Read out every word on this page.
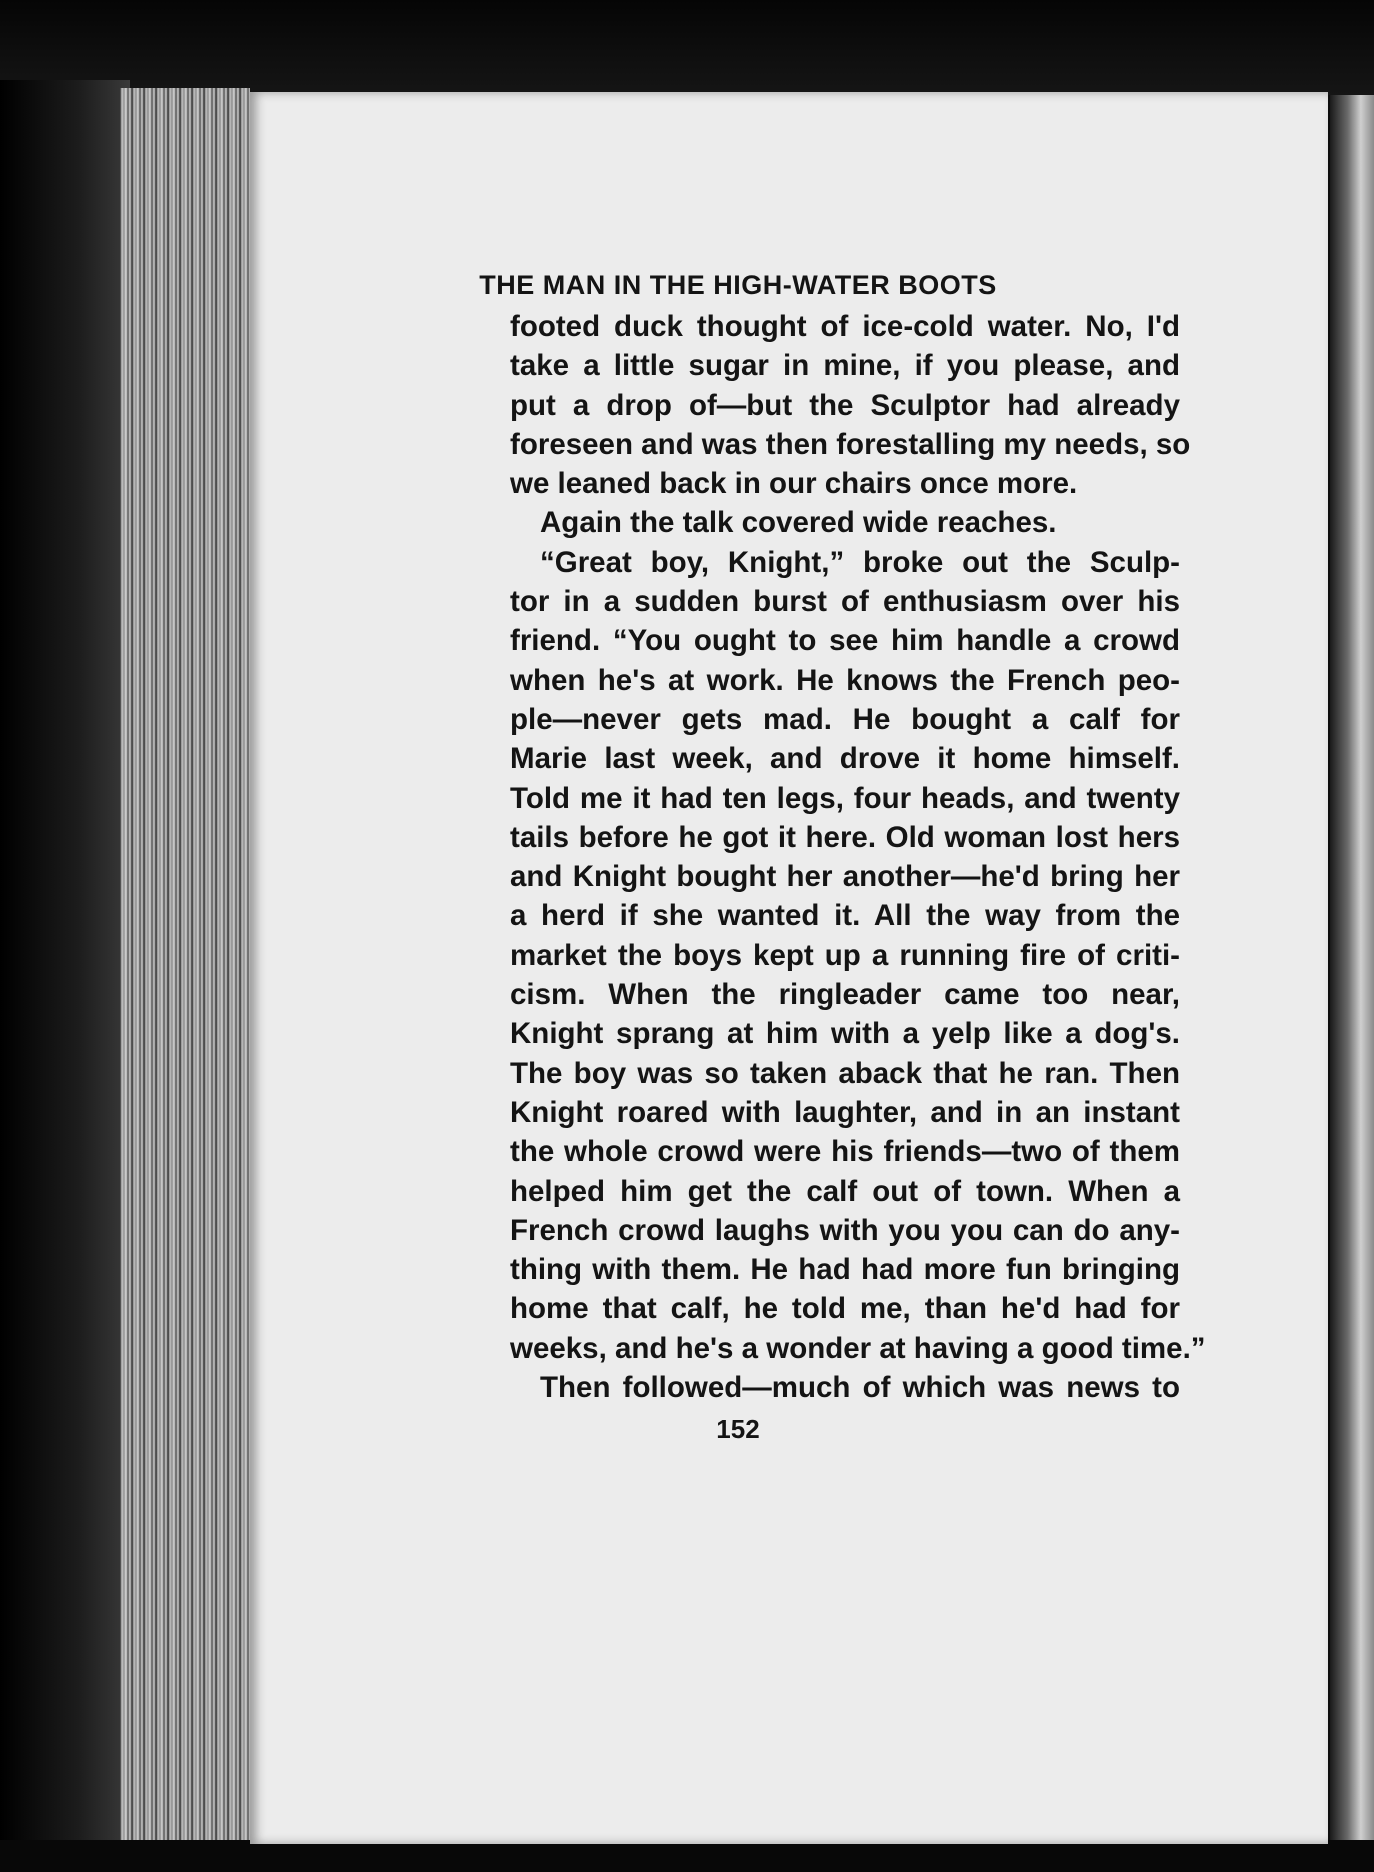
THE MAN IN THE HIGH-WATER BOOTS
footed duck thought of ice-cold water. No, I'd
take a little sugar in mine, if you please, and
put a drop of—but the Sculptor had already
foreseen and was then forestalling my needs, so
we leaned back in our chairs once more.
Again the talk covered wide reaches.
“Great boy, Knight,” broke out the Sculp-
tor in a sudden burst of enthusiasm over his
friend. “You ought to see him handle a crowd
when he's at work. He knows the French peo-
ple—never gets mad. He bought a calf for
Marie last week, and drove it home himself.
Told me it had ten legs, four heads, and twenty
tails before he got it here. Old woman lost hers
and Knight bought her another—he'd bring her
a herd if she wanted it. All the way from the
market the boys kept up a running fire of criti-
cism. When the ringleader came too near,
Knight sprang at him with a yelp like a dog's.
The boy was so taken aback that he ran. Then
Knight roared with laughter, and in an instant
the whole crowd were his friends—two of them
helped him get the calf out of town. When a
French crowd laughs with you you can do any-
thing with them. He had had more fun bringing
home that calf, he told me, than he'd had for
weeks, and he's a wonder at having a good time.”
Then followed—much of which was news to
152
